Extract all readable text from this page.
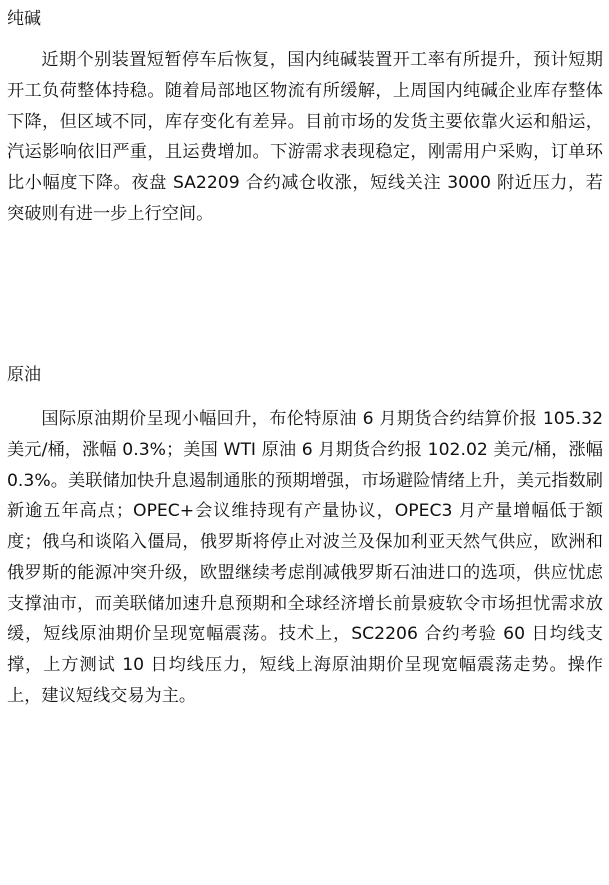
纯碱

近期个别装置短暂停车后恢复，国内纯碱装置开工率有所提升，预计短期开工负荷整体持稳。随着局部地区物流有所缓解，上周国内纯碱企业库存整体下降，但区域不同，库存变化有差异。目前市场的发货主要依靠火运和船运，汽运影响依旧严重，且运费增加。下游需求表现稳定，刚需用户采购，订单环比小幅度下降。夜盘 SA2209 合约减仓收涨，短线关注 3000 附近压力，若突破则有进一步上行空间。

原油

国际原油期价呈现小幅回升，布伦特原油 6 月期货合约结算价报 105.32 美元/桶，涨幅 0.3%；美国 WTI 原油 6 月期货合约报 102.02 美元/桶，涨幅 0.3%。美联储加快升息遏制通胀的预期增强，市场避险情绪上升，美元指数刷新逾五年高点；OPEC+会议维持现有产量协议，OPEC3 月产量增幅低于额度；俄乌和谈陷入僵局，俄罗斯将停止对波兰及保加利亚天然气供应，欧洲和俄罗斯的能源冲突升级，欧盟继续考虑削减俄罗斯石油进口的选项，供应忧虑支撑油市，而美联储加速升息预期和全球经济增长前景疲软令市场担忧需求放缓，短线原油期价呈现宽幅震荡。技术上，SC2206 合约考验 60 日均线支撑，上方测试 10 日均线压力，短线上海原油期价呈现宽幅震荡走势。操作上，建议短线交易为主。
